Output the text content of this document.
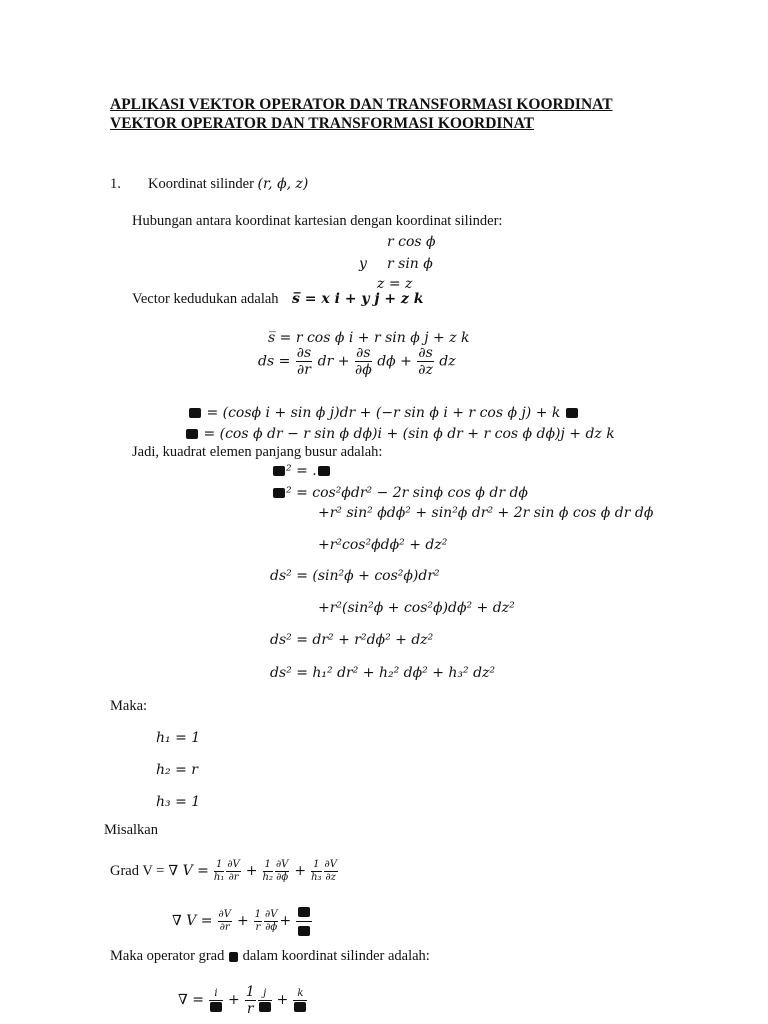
APLIKASI VEKTOR OPERATOR DAN TRANSFORMASI KOORDINAT
VEKTOR OPERATOR DAN TRANSFORMASI KOORDINAT
1. Koordinat silinder (r, ϕ, z)
Hubungan antara koordinat kartesian dengan koordinat silinder:
r cos ϕ
y r sin ϕ
z = z
Vector kedudukan adalah s̅ = x i + y j + z k
s̅ = r cos ϕ i + r sin ϕ j + z k
ds = $\frac{\partial s}{\partial r}$ dr + $\frac{\partial s}{\partial\phi}$ $d\phi + \frac{\partial s}{\partial z}$ dz
= (cosϕ i + sin ϕ j)dr + (−r sin ϕ i + r cos ϕ j) + k
= (cos ϕ dr − r sin ϕ dϕ)i + (sin ϕ dr + r cos ϕ dϕ)j + dz k
Jadi, kuadrat elemen panjang busur adalah:
² = .
² = cos²ϕdr² − 2r sinϕ cos ϕ dr dϕ
+r² sin² ϕdϕ² + sin²ϕ dr² + 2r sin ϕ cos ϕ dr dϕ
+r²cos²ϕdϕ² + dz²
ds² = (sin²ϕ + cos²ϕ)dr²
+r²(sin²ϕ + cos²ϕ)dϕ² + dz²
ds² = dr² + r²dϕ² + dz²
ds² = h₁² dr² + h₂² dϕ² + h₃² dz²
Maka:
h₁ = 1
h₂ = r
h₃ = 1
Misalkan
Grad V = ∇ $V = \frac{1}{\text{h₁}} \frac{\partial V}{\partial r} + \frac{1}{\text{h₂}} \frac{\partial V}{\partial\phi} + \frac{1}{\text{h₃}} \frac{\partial V}{\partial z}$
∇ $V = \frac{\partial V}{\partial r} + \frac{1}{r} \frac{\partial V}{\partial\phi}$ +
Maka operator grad dalam koordinat silinder adalah:
∇ =	$i + \frac{1}{r}$ j + k
